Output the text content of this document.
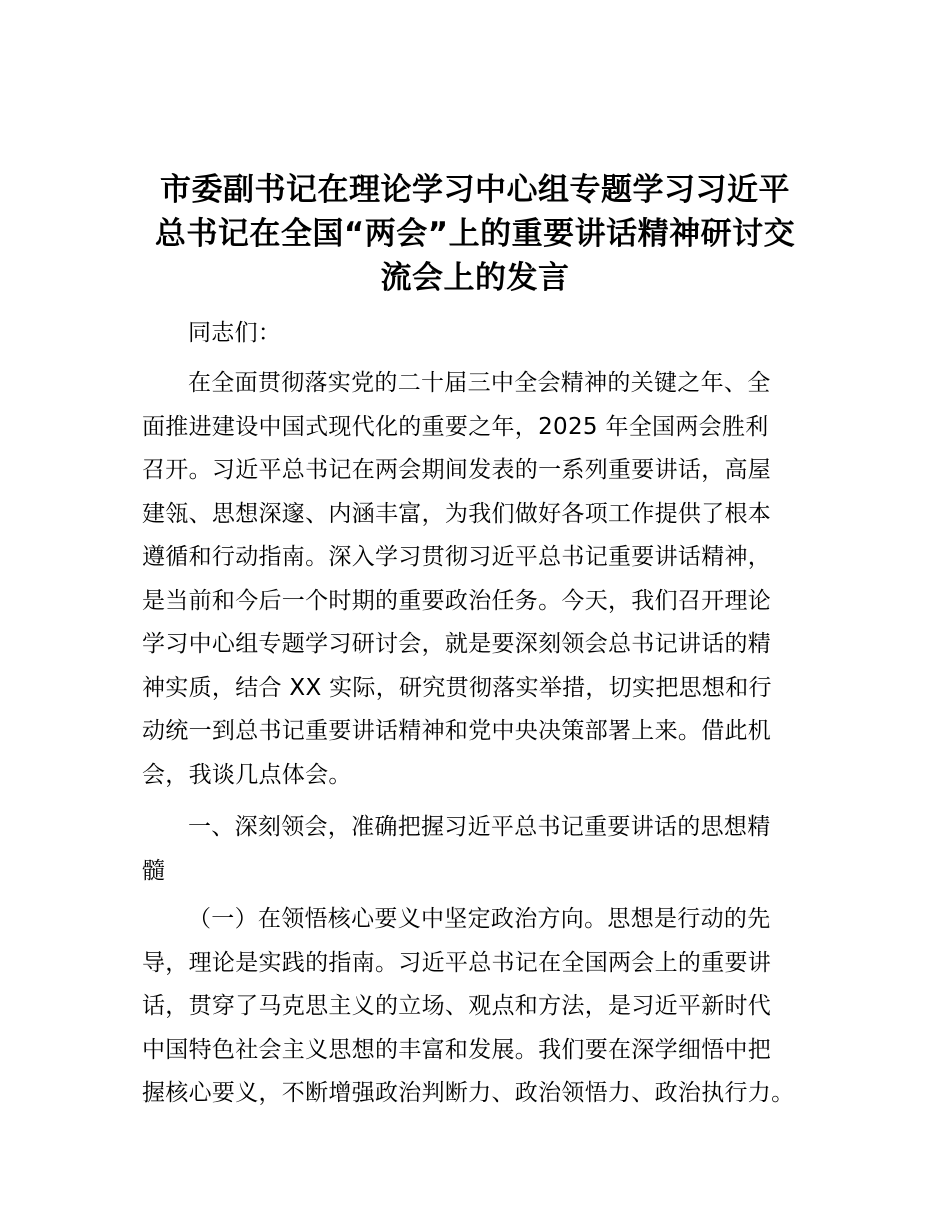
市委副书记在理论学习中心组专题学习习近平
总书记在全国“两会”上的重要讲话精神研讨交
流会上的发言

同志们：

在全面贯彻落实党的二十届三中全会精神的关键之年、全
面推进建设中国式现代化的重要之年，2025 年全国两会胜利
召开。习近平总书记在两会期间发表的一系列重要讲话，高屋
建瓴、思想深邃、内涵丰富，为我们做好各项工作提供了根本
遵循和行动指南。深入学习贯彻习近平总书记重要讲话精神，
是当前和今后一个时期的重要政治任务。今天，我们召开理论
学习中心组专题学习研讨会，就是要深刻领会总书记讲话的精
神实质，结合 XX 实际，研究贯彻落实举措，切实把思想和行
动统一到总书记重要讲话精神和党中央决策部署上来。借此机
会，我谈几点体会。

一、深刻领会，准确把握习近平总书记重要讲话的思想精
髓

（一）在领悟核心要义中坚定政治方向。思想是行动的先
导，理论是实践的指南。习近平总书记在全国两会上的重要讲
话，贯穿了马克思主义的立场、观点和方法，是习近平新时代
中国特色社会主义思想的丰富和发展。我们要在深学细悟中把
握核心要义，不断增强政治判断力、政治领悟力、政治执行力。
